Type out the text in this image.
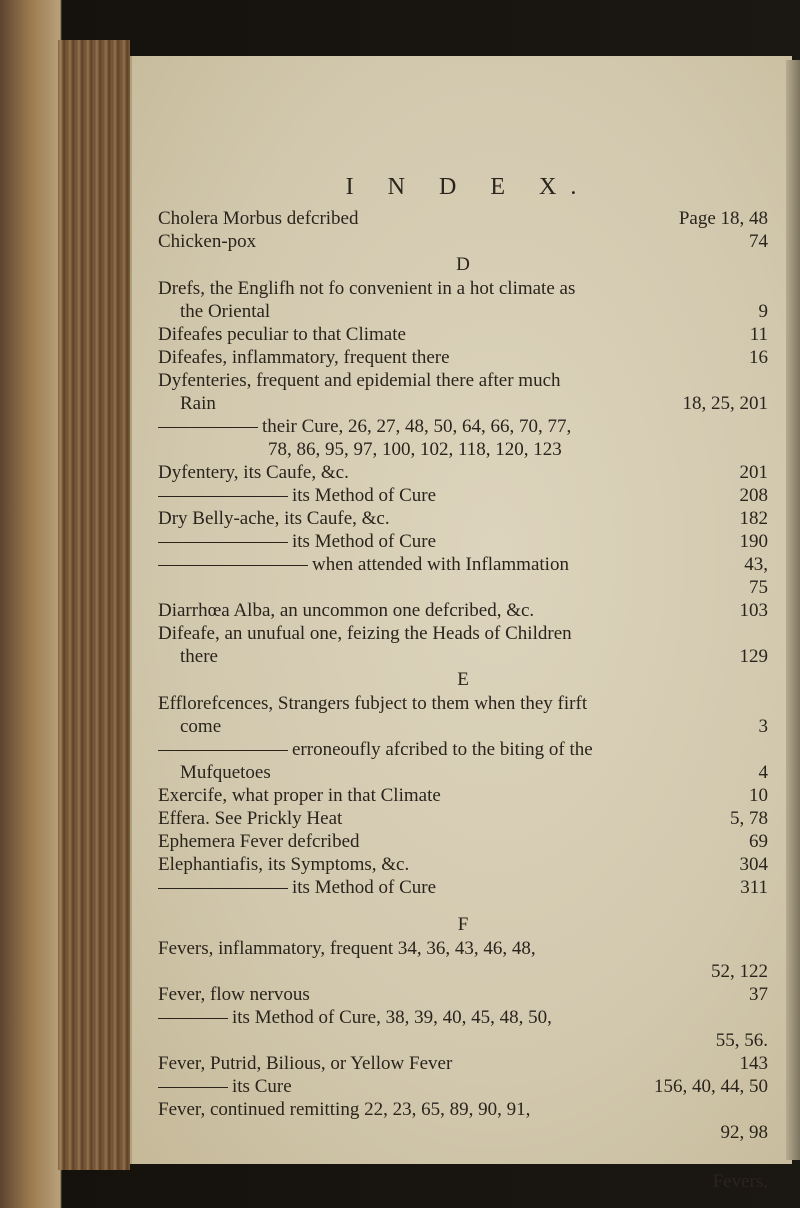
I N D E X.
Cholera Morbus defcribed	Page 18, 48
Chicken-pox	74
D
Drefs, the Englifh not fo convenient in a hot climate as
the Oriental	9
Difeafes peculiar to that Climate	11
Difeafes, inflammatory, frequent there	16
Dyfenteries, frequent and epidemial there after much
Rain	18, 25, 201
their Cure, 26, 27, 48, 50, 64, 66, 70, 77,
78, 86, 95, 97, 100, 102, 118, 120, 123
Dyfentery, its Caufe, &c.	201
its Method of Cure	208
Dry Belly-ache, its Caufe, &c.	182
its Method of Cure	190
when attended with Inflammation	43,
75
Diarrhœa Alba, an uncommon one defcribed, &c.	103
Difeafe, an unufual one, feizing the Heads of Children
there	129
E
Efflorefcences, Strangers fubject to them when they firft
come	3
erroneoufly afcribed to the biting of the
Mufquetoes	4
Exercife, what proper in that Climate	10
Effera. See Prickly Heat	5, 78
Ephemera Fever defcribed	69
Elephantiafis, its Symptoms, &c.	304
its Method of Cure	311
F
Fevers, inflammatory, frequent 34, 36, 43, 46, 48,
52, 122
Fever, flow nervous	37
its Method of Cure, 38, 39, 40, 45, 48, 50,
55, 56.
Fever, Putrid, Bilious, or Yellow Fever	143
its Cure	156, 40, 44, 50
Fever, continued remitting 22, 23, 65, 89, 90, 91,
92, 98
Fevers,
